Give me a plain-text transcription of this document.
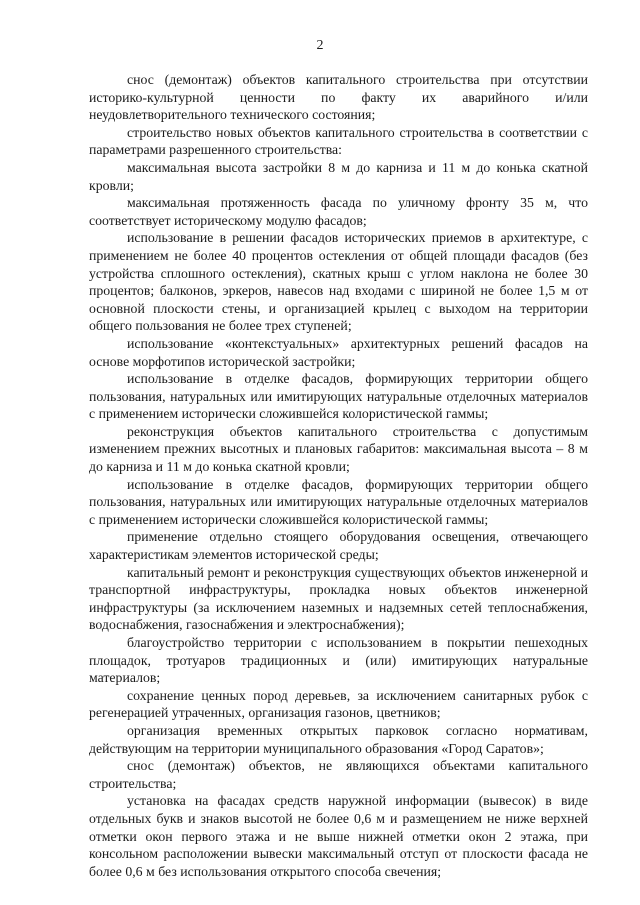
2

снос (демонтаж) объектов капитального строительства при отсутствии историко-культурной ценности по факту их аварийного и/или неудовлетворительного технического состояния;

строительство новых объектов капитального строительства в соответствии с параметрами разрешенного строительства:

максимальная высота застройки 8 м до карниза и 11 м до конька скатной кровли;

максимальная протяженность фасада по уличному фронту 35 м, что соответствует историческому модулю фасадов;

использование в решении фасадов исторических приемов в архитектуре, с применением не более 40 процентов остекления от общей площади фасадов (без устройства сплошного остекления), скатных крыш с углом наклона не более 30 процентов; балконов, эркеров, навесов над входами с шириной не более 1,5 м от основной плоскости стены, и организацией крылец с выходом на территории общего пользования не более трех ступеней;

использование «контекстуальных» архитектурных решений фасадов на основе морфотипов исторической застройки;

использование в отделке фасадов, формирующих территории общего пользования, натуральных или имитирующих натуральные отделочных материалов с применением исторически сложившейся колористической гаммы;

реконструкция объектов капитального строительства с допустимым изменением прежних высотных и плановых габаритов: максимальная высота – 8 м до карниза и 11 м до конька скатной кровли;

использование в отделке фасадов, формирующих территории общего пользования, натуральных или имитирующих натуральные отделочных материалов с применением исторически сложившейся колористической гаммы;

применение отдельно стоящего оборудования освещения, отвечающего характеристикам элементов исторической среды;

капитальный ремонт и реконструкция существующих объектов инженерной и транспортной инфраструктуры, прокладка новых объектов инженерной инфраструктуры (за исключением наземных и надземных сетей теплоснабжения, водоснабжения, газоснабжения и электроснабжения);

благоустройство территории с использованием в покрытии пешеходных площадок, тротуаров традиционных и (или) имитирующих натуральные материалов;

сохранение ценных пород деревьев, за исключением санитарных рубок с регенерацией утраченных, организация газонов, цветников;

организация временных открытых парковок согласно нормативам, действующим на территории муниципального образования «Город Саратов»;

снос (демонтаж) объектов, не являющихся объектами капитального строительства;

установка на фасадах средств наружной информации (вывесок) в виде отдельных букв и знаков высотой не более 0,6 м и размещением не ниже верхней отметки окон первого этажа и не выше нижней отметки окон 2 этажа, при консольном расположении вывески максимальный отступ от плоскости фасада не более 0,6 м без использования открытого способа свечения;
